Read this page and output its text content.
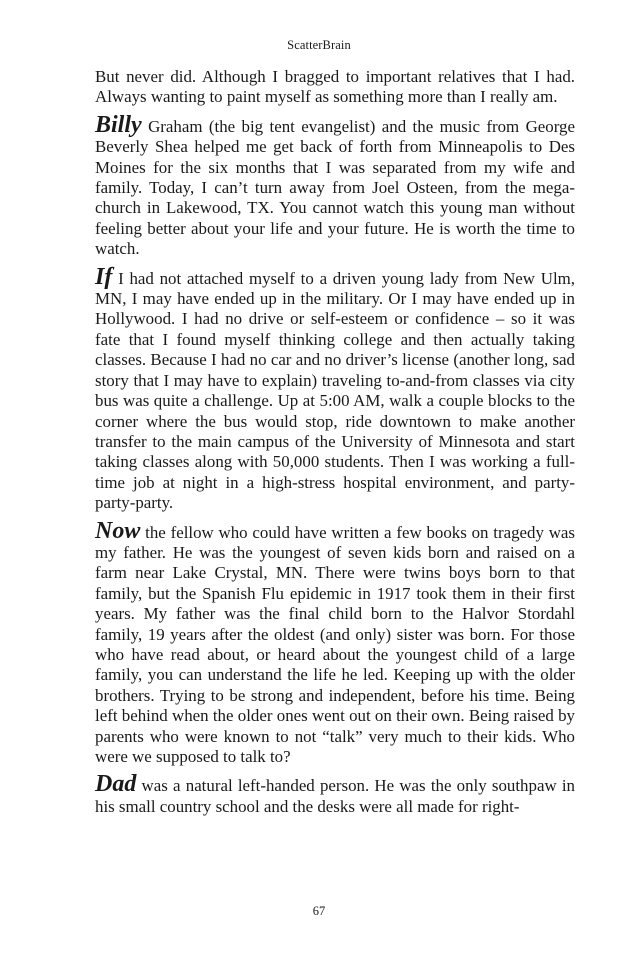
ScatterBrain

But never did. Although I bragged to important relatives that I had. Always wanting to paint myself as something more than I really am.

Billy Graham (the big tent evangelist) and the music from George Beverly Shea helped me get back of forth from Minneapolis to Des Moines for the six months that I was separated from my wife and family. Today, I can’t turn away from Joel Osteen, from the mega-church in Lakewood, TX. You cannot watch this young man without feeling better about your life and your future. He is worth the time to watch.

If I had not attached myself to a driven young lady from New Ulm, MN, I may have ended up in the military. Or I may have ended up in Hollywood. I had no drive or self-esteem or confidence – so it was fate that I found myself thinking college and then actually taking classes. Because I had no car and no driver’s license (another long, sad story that I may have to explain) traveling to-and-from classes via city bus was quite a challenge. Up at 5:00 AM, walk a couple blocks to the corner where the bus would stop, ride downtown to make another transfer to the main campus of the University of Minnesota and start taking classes along with 50,000 students. Then I was working a full-time job at night in a high-stress hospital environment, and party-party-party.

Now the fellow who could have written a few books on tragedy was my father. He was the youngest of seven kids born and raised on a farm near Lake Crystal, MN. There were twins boys born to that family, but the Spanish Flu epidemic in 1917 took them in their first years. My father was the final child born to the Halvor Stordahl family, 19 years after the oldest (and only) sister was born. For those who have read about, or heard about the youngest child of a large family, you can understand the life he led. Keeping up with the older brothers. Trying to be strong and independent, before his time. Being left behind when the older ones went out on their own. Being raised by parents who were known to not “talk” very much to their kids. Who were we supposed to talk to?

Dad was a natural left-handed person. He was the only southpaw in his small country school and the desks were all made for right-

67
